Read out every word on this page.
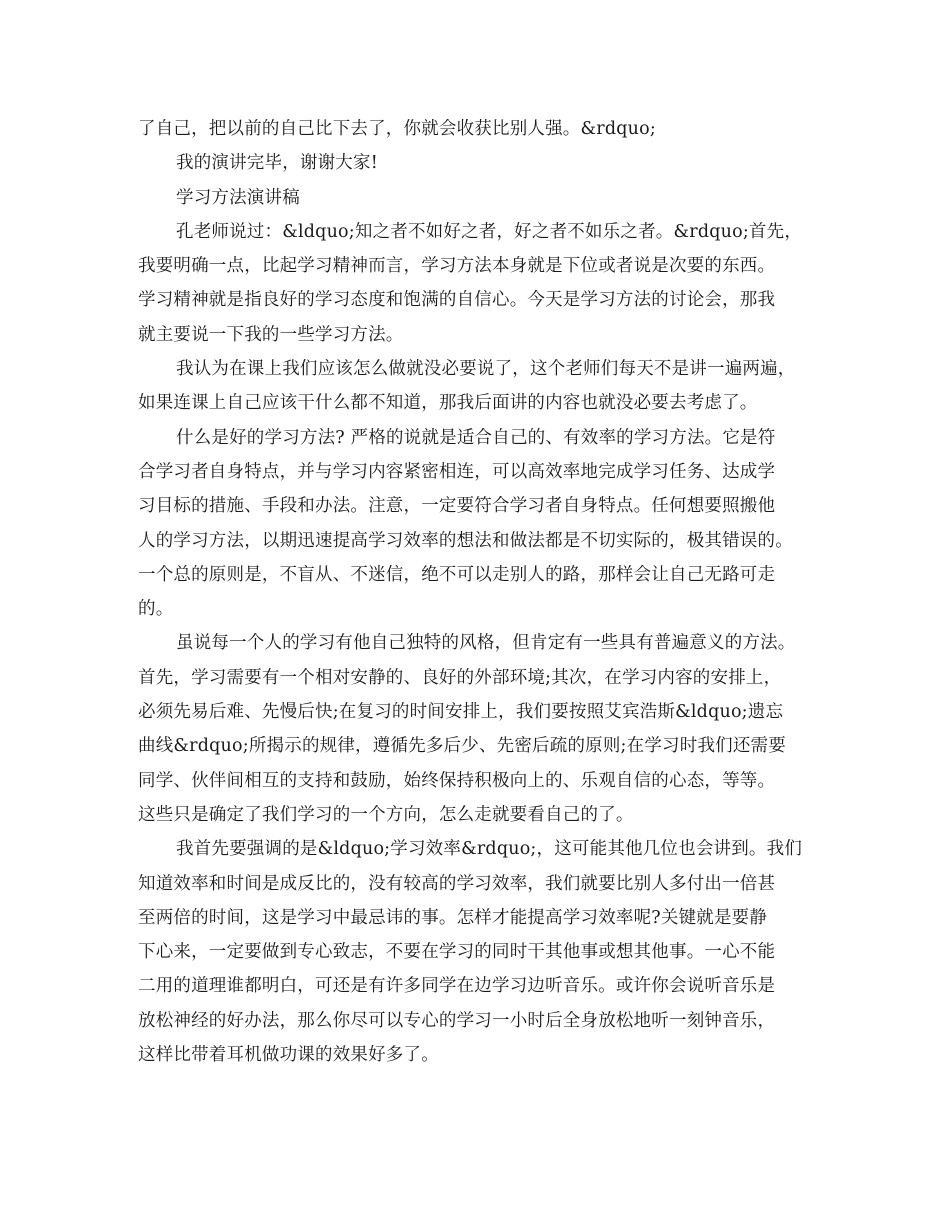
了自己，把以前的自己比下去了，你就会收获比别人强。&rdquo;
我的演讲完毕，谢谢大家!
学习方法演讲稿
孔老师说过：&ldquo;知之者不如好之者，好之者不如乐之者。&rdquo;首先，
我要明确一点，比起学习精神而言，学习方法本身就是下位或者说是次要的东西。
学习精神就是指良好的学习态度和饱满的自信心。今天是学习方法的讨论会，那我
就主要说一下我的一些学习方法。
我认为在课上我们应该怎么做就没必要说了，这个老师们每天不是讲一遍两遍，
如果连课上自己应该干什么都不知道，那我后面讲的内容也就没必要去考虑了。
什么是好的学习方法? 严格的说就是适合自己的、有效率的学习方法。它是符
合学习者自身特点，并与学习内容紧密相连，可以高效率地完成学习任务、达成学
习目标的措施、手段和办法。注意，一定要符合学习者自身特点。任何想要照搬他
人的学习方法，以期迅速提高学习效率的想法和做法都是不切实际的，极其错误的。
一个总的原则是，不盲从、不迷信，绝不可以走别人的路，那样会让自己无路可走
的。
虽说每一个人的学习有他自己独特的风格，但肯定有一些具有普遍意义的方法。
首先，学习需要有一个相对安静的、良好的外部环境;其次，在学习内容的安排上，
必须先易后难、先慢后快;在复习的时间安排上，我们要按照艾宾浩斯&ldquo;遗忘
曲线&rdquo;所揭示的规律，遵循先多后少、先密后疏的原则;在学习时我们还需要
同学、伙伴间相互的支持和鼓励，始终保持积极向上的、乐观自信的心态，等等。
这些只是确定了我们学习的一个方向，怎么走就要看自己的了。
我首先要强调的是&ldquo;学习效率&rdquo;，这可能其他几位也会讲到。我们
知道效率和时间是成反比的，没有较高的学习效率，我们就要比别人多付出一倍甚
至两倍的时间，这是学习中最忌讳的事。怎样才能提高学习效率呢?关键就是要静
下心来，一定要做到专心致志，不要在学习的同时干其他事或想其他事。一心不能
二用的道理谁都明白，可还是有许多同学在边学习边听音乐。或许你会说听音乐是
放松神经的好办法，那么你尽可以专心的学习一小时后全身放松地听一刻钟音乐，
这样比带着耳机做功课的效果好多了。
